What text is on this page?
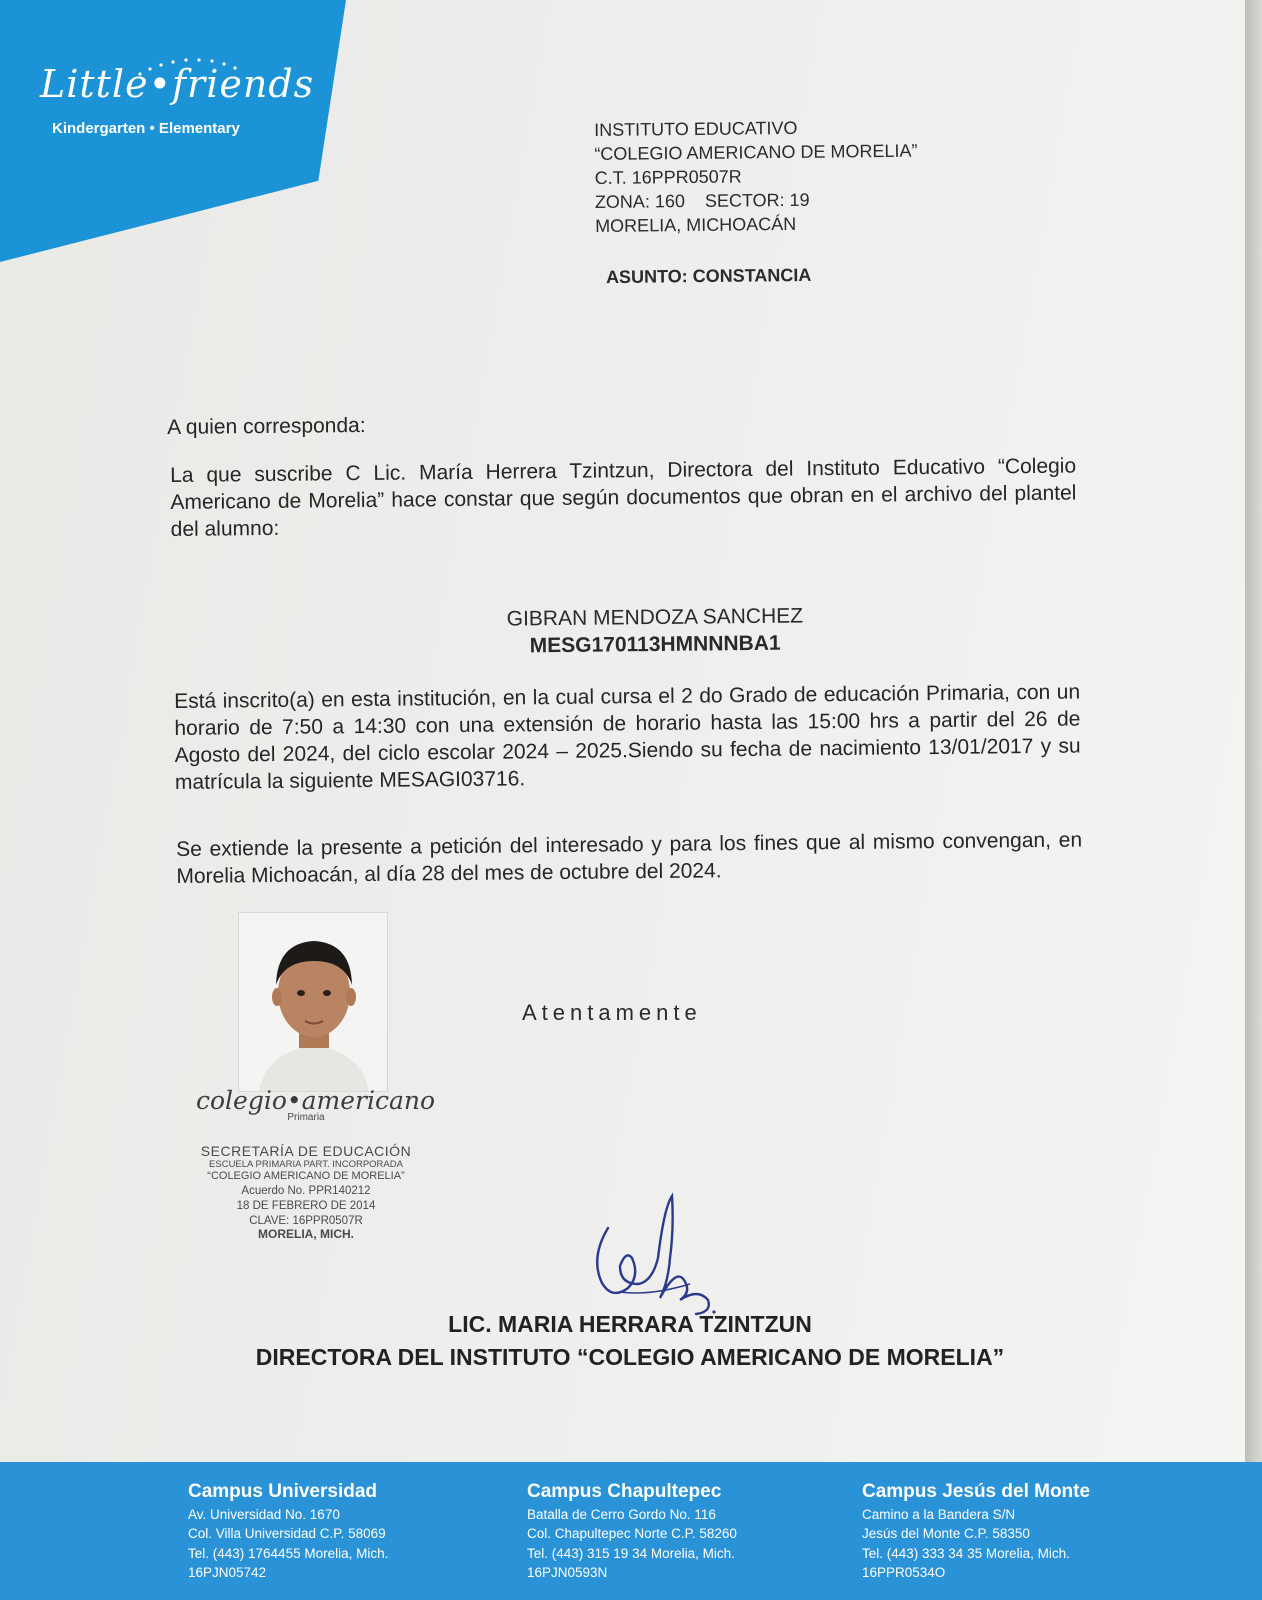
Little•friends
Kindergarten • Elementary	INSTITUTO EDUCATIVO
“COLEGIO AMERICANO DE MORELIA”
C.T. 16PPR0507R
ZONA: 160    SECTOR: 19
MORELIA, MICHOACÁN
ASUNTO: CONSTANCIA
A quien corresponda:
La que suscribe C Lic. María Herrera Tzintzun, Directora del Instituto Educativo “Colegio Americano de Morelia” hace constar que según documentos que obran en el archivo del plantel del alumno:
GIBRAN MENDOZA SANCHEZ
MESG170113HMNNNBA1
Está inscrito(a) en esta institución, en la cual cursa el 2 do Grado de educación Primaria, con un horario de 7:50 a 14:30 con una extensión de horario hasta las 15:00 hrs a partir del 26 de Agosto del 2024, del ciclo escolar 2024 – 2025.Siendo su fecha de nacimiento 13/01/2017 y su matrícula la siguiente MESAGI03716.
Se extiende la presente a petición del interesado y para los fines que al mismo convengan, en Morelia Michoacán, al día 28 del mes de octubre del 2024.
Atentamente
colegio•americano
Primaria
SECRETARÍA DE EDUCACIÓN
ESCUELA PRIMARIA PART. INCORPORADA
“COLEGIO AMERICANO DE MORELIA”
Acuerdo No. PPR140212
18 DE FEBRERO DE 2014
CLAVE: 16PPR0507R
MORELIA, MICH.
LIC. MARIA HERRARA TZINTZUN
DIRECTORA DEL INSTITUTO “COLEGIO AMERICANO DE MORELIA”
Campus Universidad
Av. Universidad No. 1670
Col. Villa Universidad C.P. 58069
Tel. (443) 1764455 Morelia, Mich.
16PJN05742
Campus Chapultepec
Batalla de Cerro Gordo No. 116
Col. Chapultepec Norte C.P. 58260
Tel. (443) 315 19 34 Morelia, Mich.
16PJN0593N
Campus Jesús del Monte
Camino a la Bandera S/N
Jesús del Monte C.P. 58350
Tel. (443) 333 34 35 Morelia, Mich.
16PPR0534O
